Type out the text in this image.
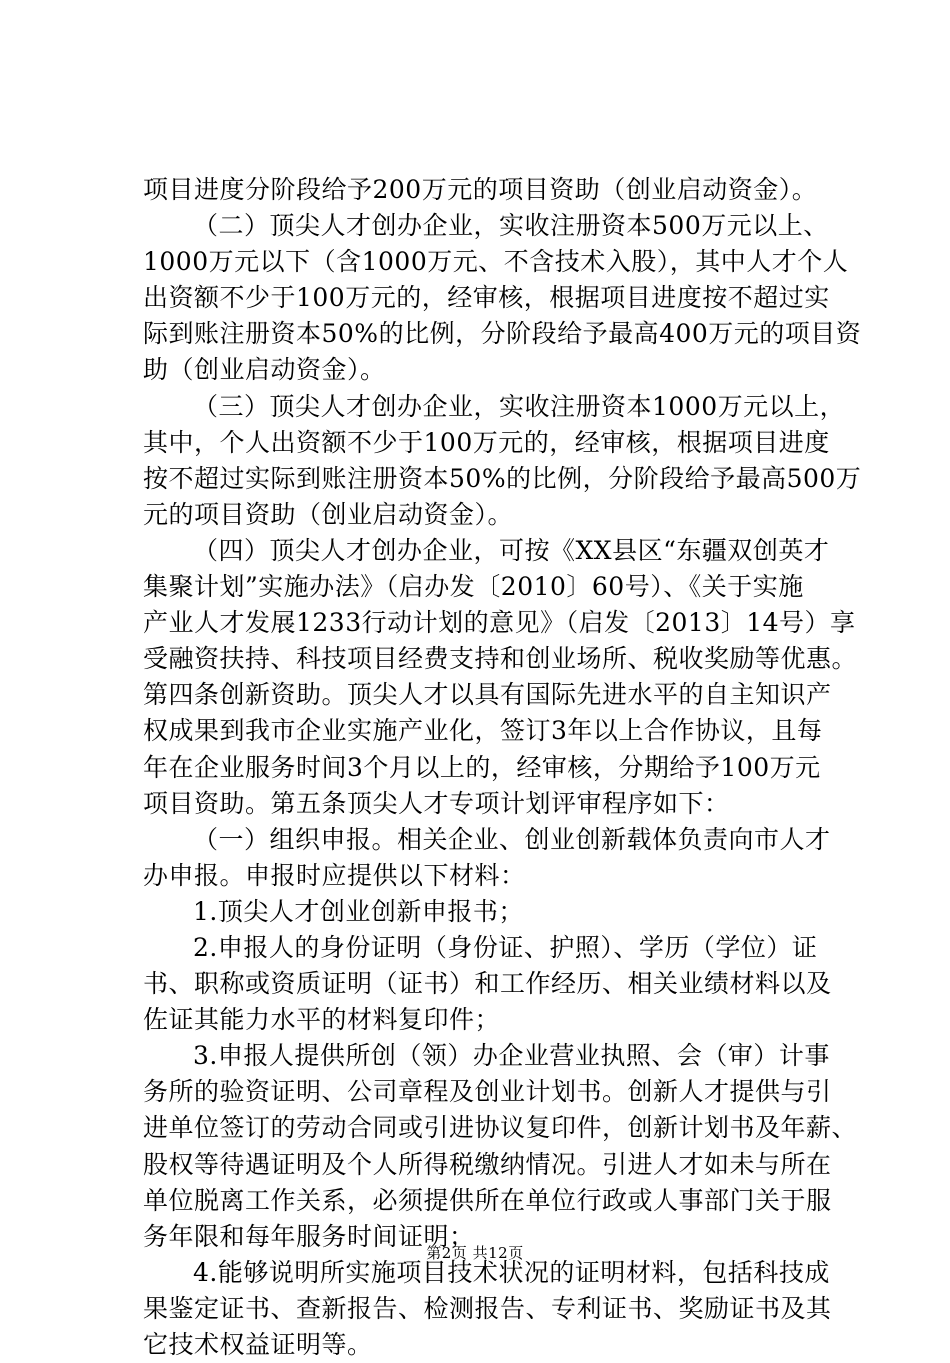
项目进度分阶段给予200万元的项目资助（创业启动资金）。
（二）顶尖人才创办企业，实收注册资本500万元以上、
1000万元以下（含1000万元、不含技术入股），其中人才个人
出资额不少于100万元的，经审核，根据项目进度按不超过实
际到账注册资本50%的比例，分阶段给予最高400万元的项目资
助（创业启动资金）。
（三）顶尖人才创办企业，实收注册资本1000万元以上，
其中，个人出资额不少于100万元的，经审核，根据项目进度
按不超过实际到账注册资本50%的比例，分阶段给予最高500万
元的项目资助（创业启动资金）。
（四）顶尖人才创办企业，可按《XX县区“东疆双创英才
集聚计划”实施办法》（启办发〔2010〕60号）、《关于实施
产业人才发展1233行动计划的意见》（启发〔2013〕14号）享
受融资扶持、科技项目经费支持和创业场所、税收奖励等优惠。
第四条创新资助。顶尖人才以具有国际先进水平的自主知识产
权成果到我市企业实施产业化，签订3年以上合作协议，且每
年在企业服务时间3个月以上的，经审核，分期给予100万元
项目资助。第五条顶尖人才专项计划评审程序如下：
（一）组织申报。相关企业、创业创新载体负责向市人才
办申报。申报时应提供以下材料：
1.顶尖人才创业创新申报书；
2.申报人的身份证明（身份证、护照）、学历（学位）证
书、职称或资质证明（证书）和工作经历、相关业绩材料以及
佐证其能力水平的材料复印件；
3.申报人提供所创（领）办企业营业执照、会（审）计事
务所的验资证明、公司章程及创业计划书。创新人才提供与引
进单位签订的劳动合同或引进协议复印件，创新计划书及年薪、
股权等待遇证明及个人所得税缴纳情况。引进人才如未与所在
单位脱离工作关系，必须提供所在单位行政或人事部门关于服
务年限和每年服务时间证明；
4.能够说明所实施项目技术状况的证明材料，包括科技成
果鉴定证书、查新报告、检测报告、专利证书、奖励证书及其
它技术权益证明等。
第2页 共12页
